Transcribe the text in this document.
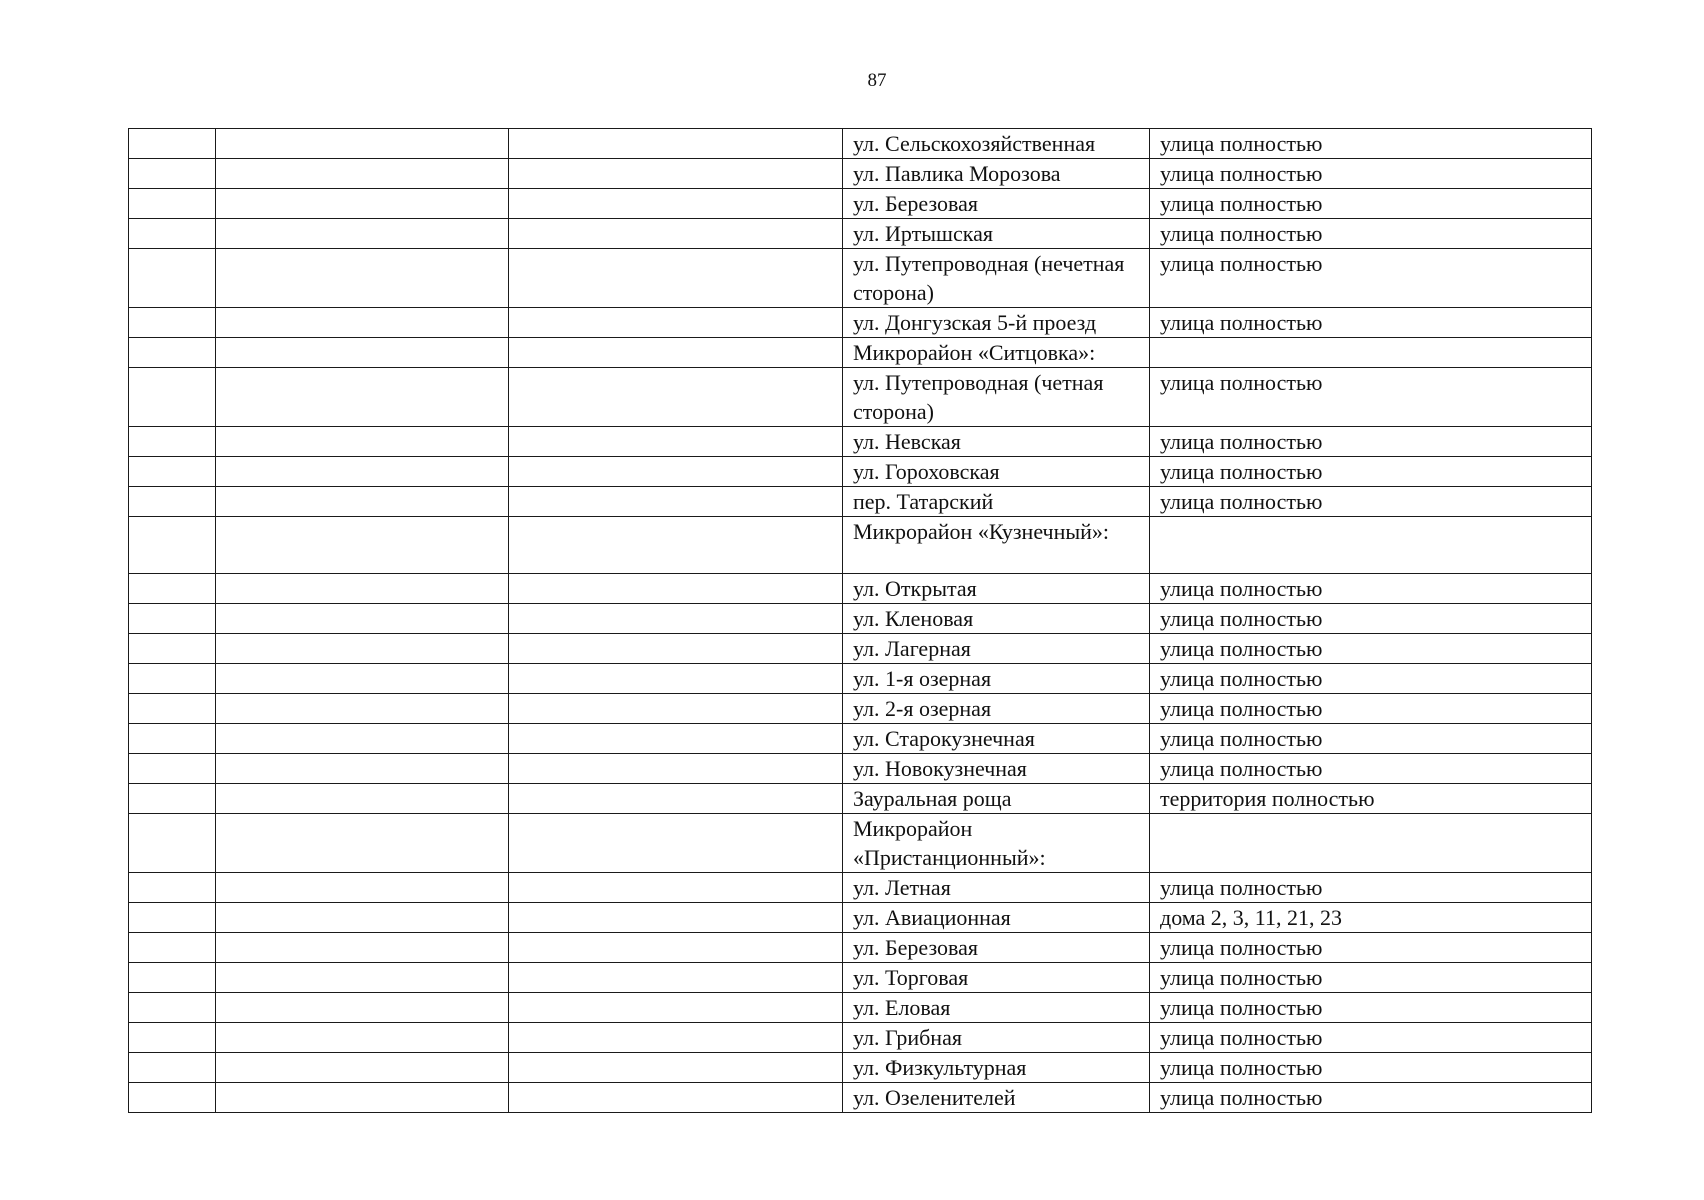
87
			ул. Сельскохозяйственная	улица полностью
			ул. Павлика Морозова	улица полностью
			ул. Березовая	улица полностью
			ул. Иртышская	улица полностью
			ул. Путепроводная (нечетная сторона)	улица полностью
			ул. Донгузская 5-й проезд	улица полностью
			Микрорайон «Ситцовка»:	
			ул. Путепроводная (четная сторона)	улица полностью
			ул. Невская	улица полностью
			ул. Гороховская	улица полностью
			пер. Татарский	улица полностью
			Микрорайон «Кузнечный»:	
			ул. Открытая	улица полностью
			ул. Кленовая	улица полностью
			ул. Лагерная	улица полностью
			ул. 1-я озерная	улица полностью
			ул. 2-я озерная	улица полностью
			ул. Старокузнечная	улица полностью
			ул. Новокузнечная	улица полностью
			Зауральная роща	территория полностью
			Микрорайон «Пристанционный»:	
			ул. Летная	улица полностью
			ул. Авиационная	дома 2, 3, 11, 21, 23
			ул. Березовая	улица полностью
			ул. Торговая	улица полностью
			ул. Еловая	улица полностью
			ул. Грибная	улица полностью
			ул. Физкультурная	улица полностью
			ул. Озеленителей	улица полностью
